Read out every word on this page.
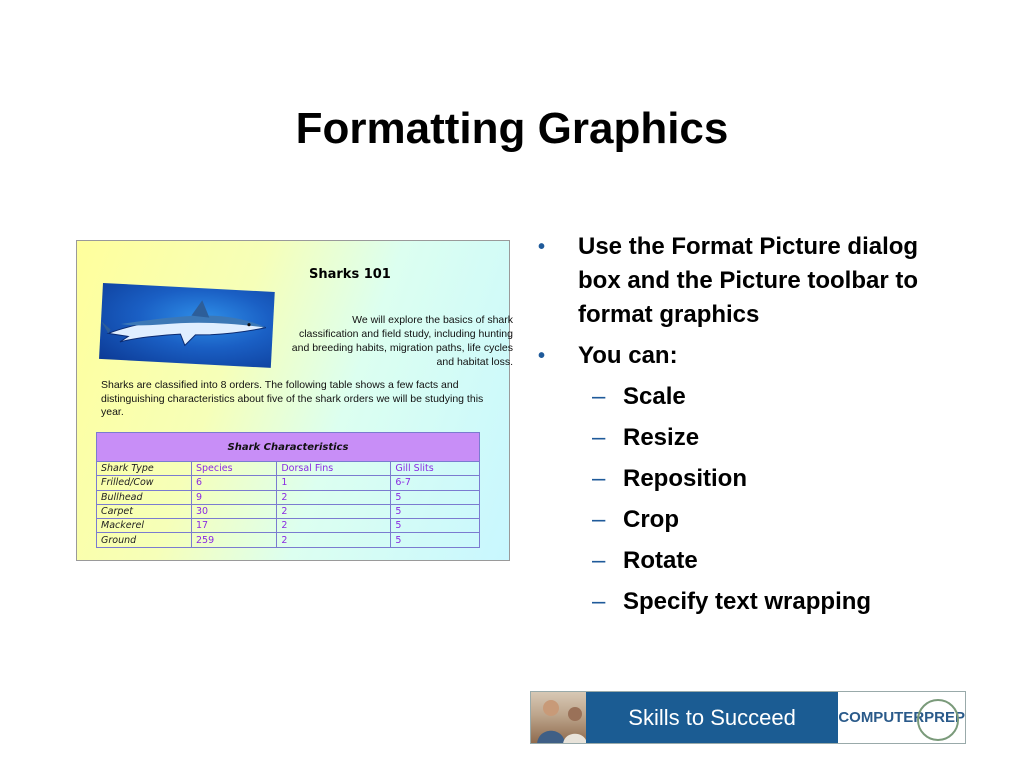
Formatting Graphics
Sharks 101
We will explore the basics of shark classification and field study, including hunting and breeding habits, migration paths, life cycles and habitat loss.
Sharks are classified into 8 orders. The following table shows a few facts and distinguishing characteristics about five of the shark orders we will be studying this year.
Shark Characteristics			
Shark Type	Species	Dorsal Fins	Gill Slits
Frilled/Cow	6	1	6-7
Bullhead	9	2	5
Carpet	30	2	5
Mackerel	17	2	5
Ground	259	2	5
• Use the Format Picture dialog box and the Picture toolbar to format graphics
• You can:
– Scale
– Resize
– Reposition
– Crop
– Rotate
– Specify text wrapping
Skills to Succeed	COMPUTERPREP
